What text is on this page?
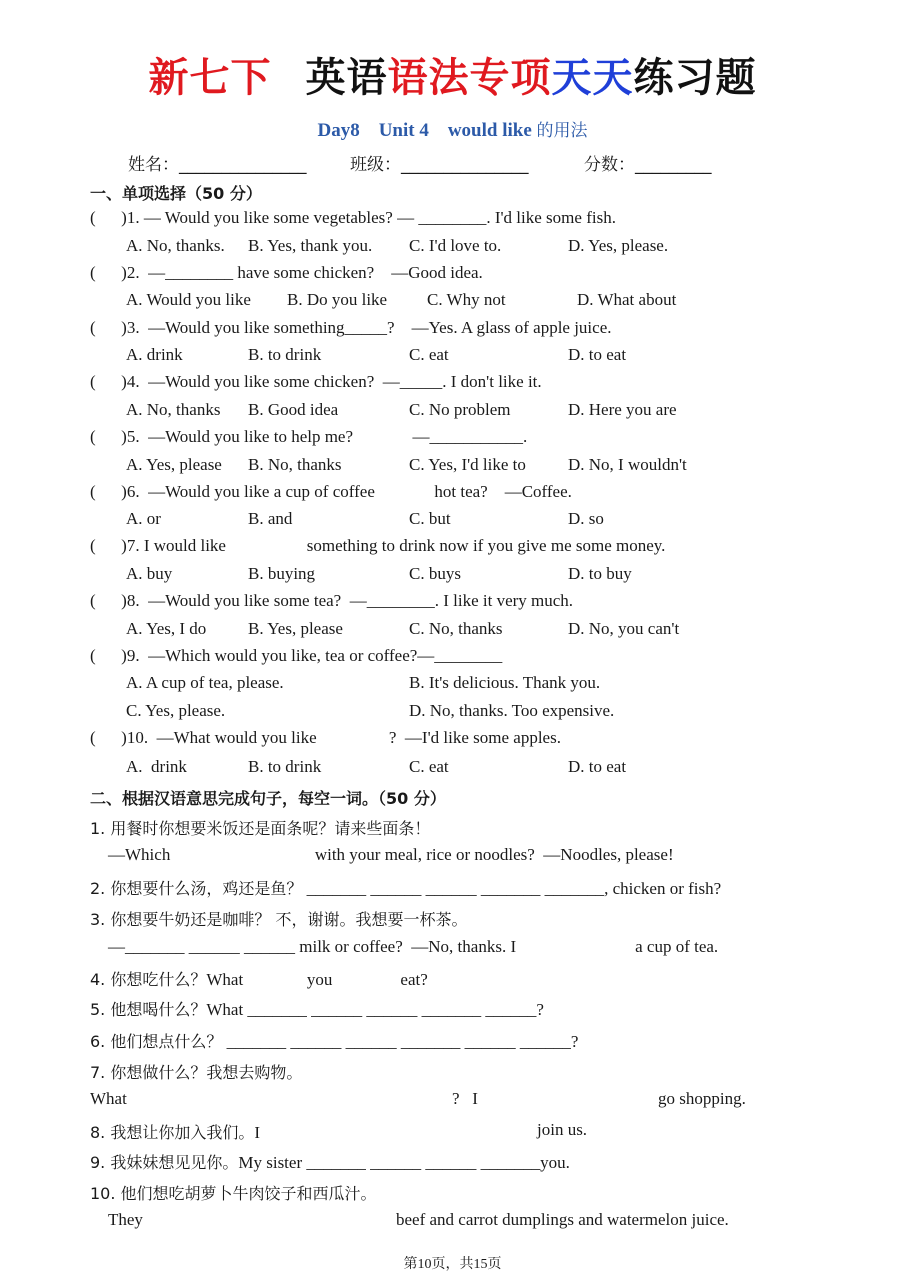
新七下 英语语法专项天天练习题
Day8    Unit 4    would like 的用法
姓名：_______________	班级：_______________	分数：_________
一、单项选择（50 分）
(      )1. — Would you like some vegetables? — ________. I'd like some fish.
A. No, thanks. B. Yes, thank you. C. I'd love to.	D. Yes, please.
(      )2.  —________ have some chicken?    —Good idea.
A. Would you like B. Do you like C. Why not	D. What about
(      )3.  —Would you like something_____?    —Yes. A glass of apple juice.
A. drink	B. to drink	C. eat	D. to eat
(      )4.  —Would you like some chicken?  —_____. I don't like it.
A. No, thanks B. Good idea	C. No problem	D. Here you are
(      )5.  —Would you like to help me?              —___________.
A. Yes, please B. No, thanks	C. Yes, I'd like to D. No, I wouldn't
(      )6.  —Would you like a cup of coffee              hot tea?    —Coffee.
A. or	B. and	C. but	D. so
(      )7. I would like                   something to drink now if you give me some money.
A. buy	B. buying	C. buys	D. to buy
(      )8.  —Would you like some tea?  —________. I like it very much.
A. Yes, I do B. Yes, please	C. No, thanks	D. No, you can't
(      )9.  —Which would you like, tea or coffee?—________
A. A cup of tea, please.	B. It's delicious. Thank you.
C. Yes, please.	D. No, thanks. Too expensive.
(      )10.  —What would you like                 ?  —I'd like some apples.
A.  drink	B. to drink	C. eat	D. to eat
二、根据汉语意思完成句子，每空一词。（50 分）
1. 用餐时你想要米饭还是面条呢？请来些面条！
—Which                                  with your meal, rice or noodles?  —Noodles, please!
2. 你想要什么汤，鸡还是鱼？ _______ ______ ______ _______ _______, chicken or fish?
3. 你想要牛奶还是咖啡？ 不，谢谢。我想要一杯茶。
—_______ ______ ______ milk or coffee?  —No, thanks. I                            a cup of tea.
4. 你想吃什么？What               you                eat?
5. 他想喝什么？What _______ ______ ______ _______ ______?
6. 他们想点什么？ _______ ______ ______ _______ ______ ______?
7. 你想做什么？我想去购物。
What	?   I	go shopping.
8. 我想让你加入我们。I	join us.
9. 我妹妹想见见你。My sister _______ ______ ______ _______you.
10. 他们想吃胡萝卜牛肉饺子和西瓜汁。
They	beef and carrot dumplings and watermelon juice.
第10页，共15页
